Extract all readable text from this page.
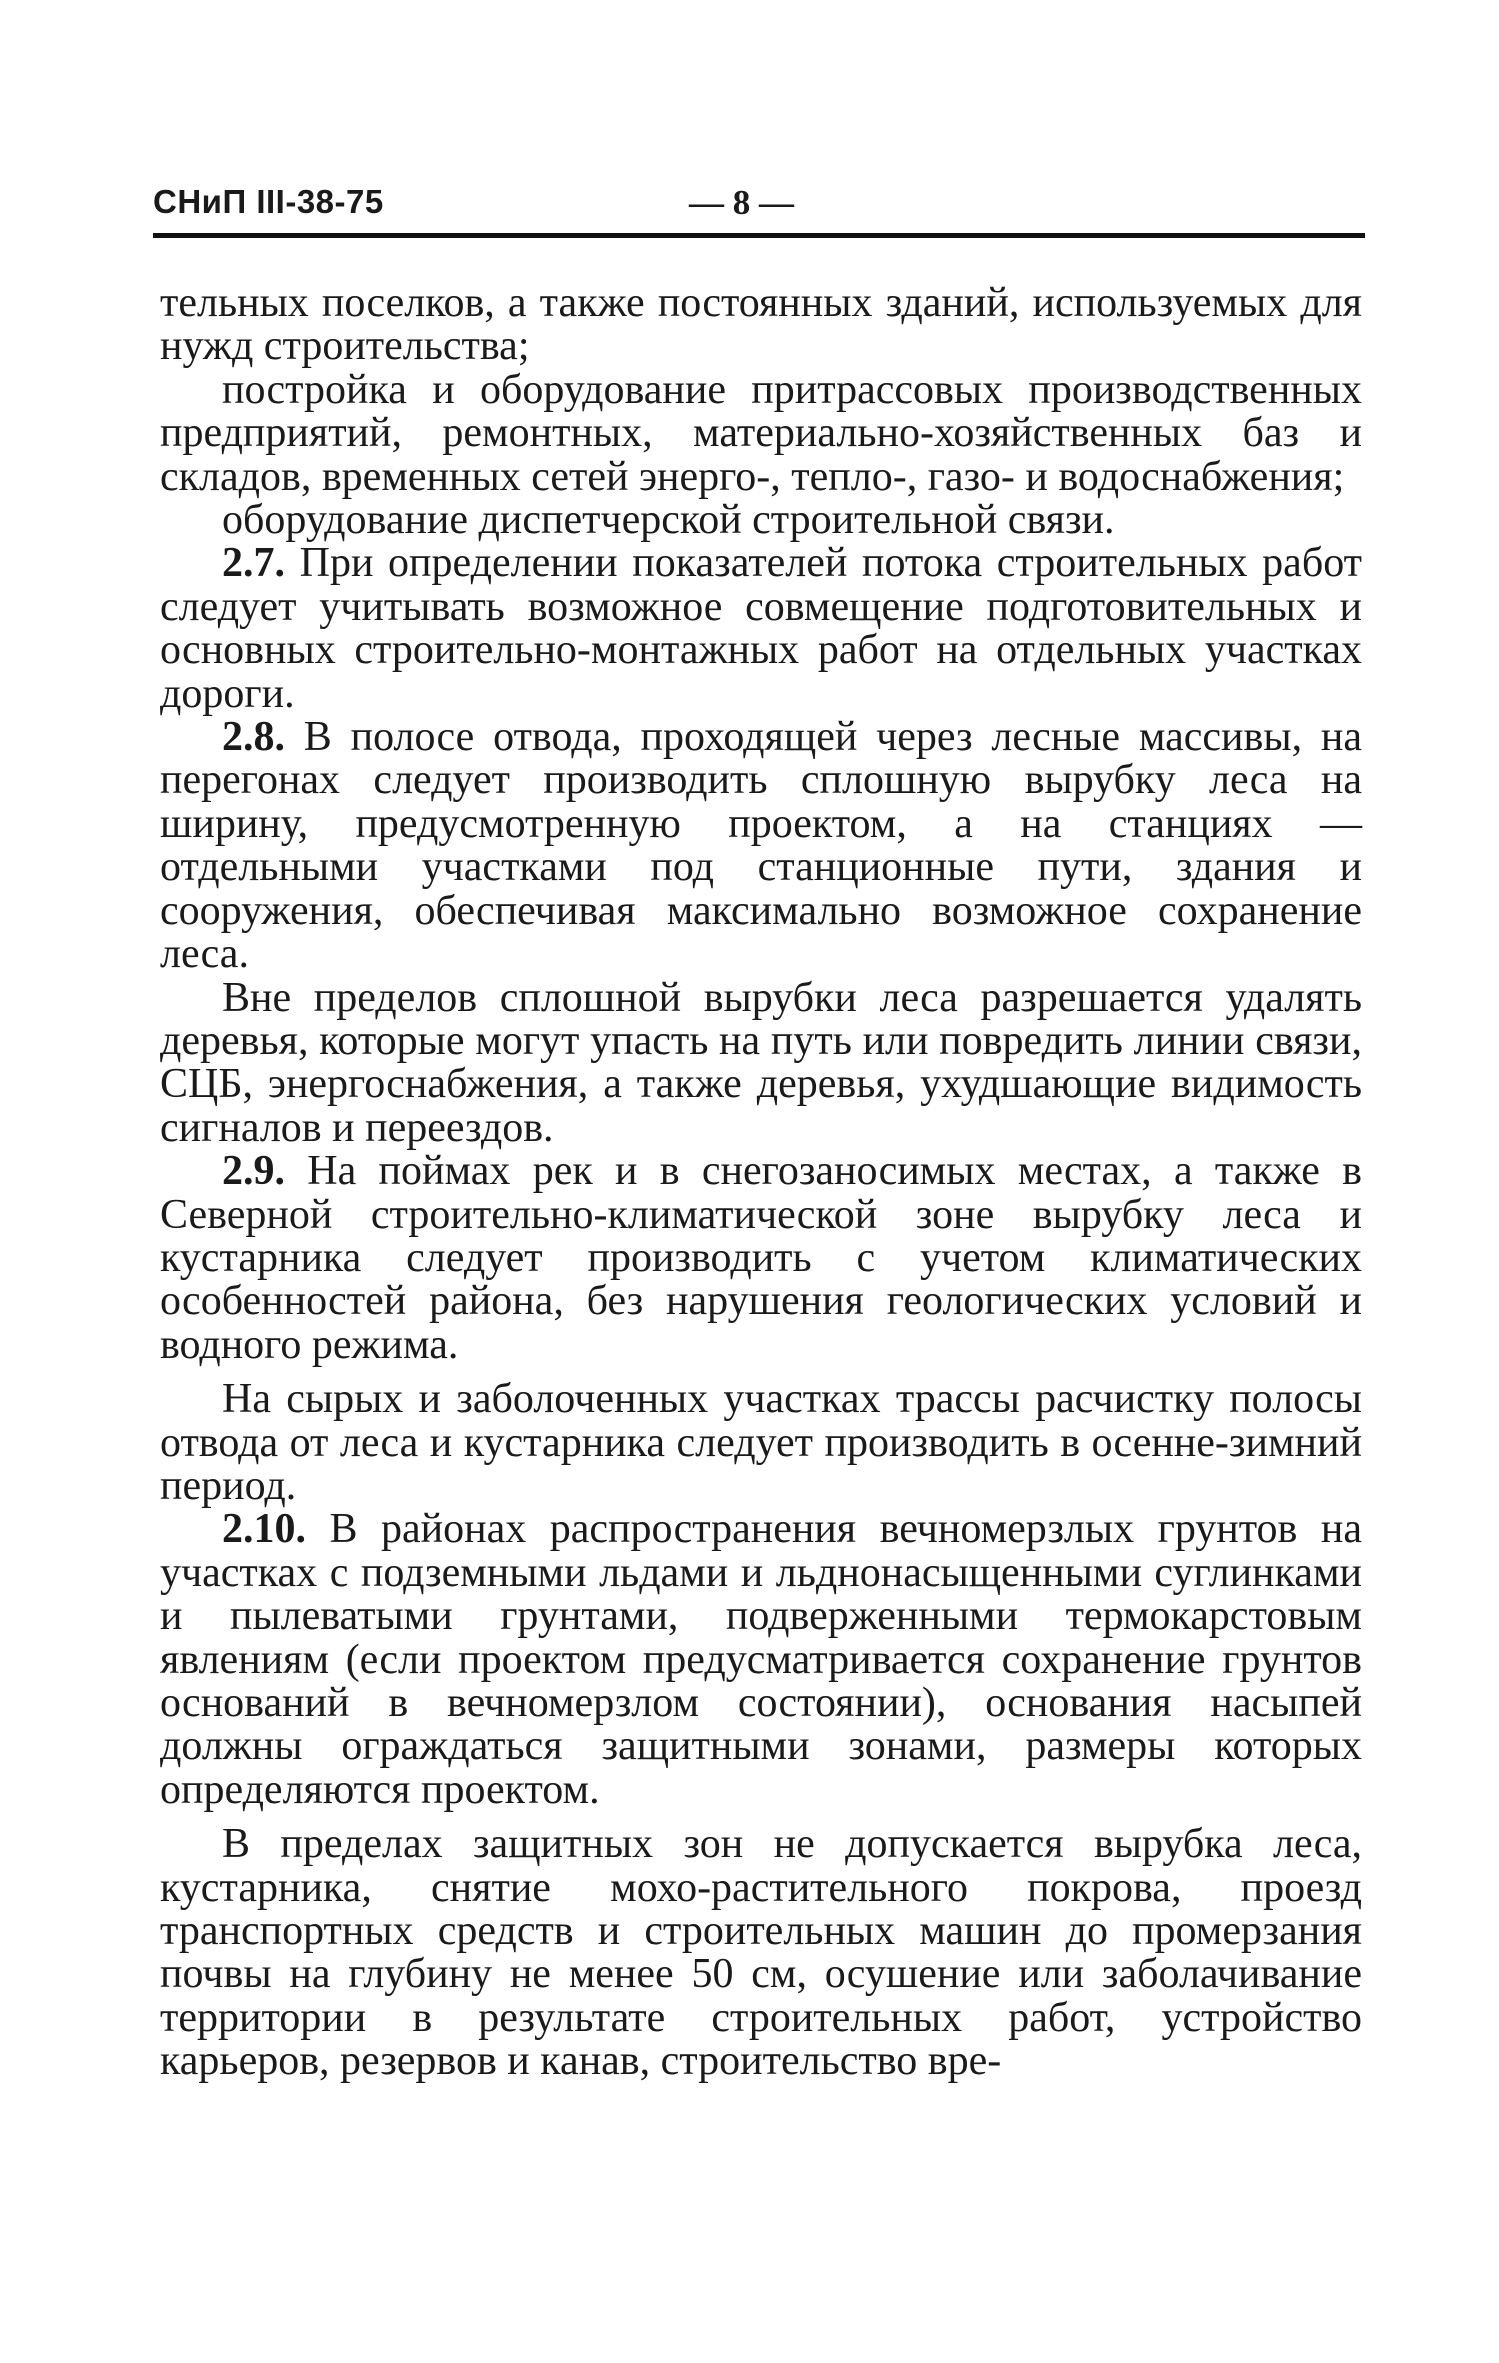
СНиП III-38-75	— 8 —

тельных поселков, а также постоянных зданий, используемых для нужд строительства;

постройка и оборудование притрассовых производственных предприятий, ремонтных, материально-хозяйственных баз и складов, временных сетей энерго-, тепло-, газо- и водоснабжения;

оборудование диспетчерской строительной связи.

2.7. При определении показателей потока строительных работ следует учитывать возможное совмещение подготовительных и основных строительно-монтажных работ на отдельных участках дороги.

2.8. В полосе отвода, проходящей через лесные массивы, на перегонах следует производить сплошную вырубку леса на ширину, предусмотренную проектом, а на станциях — отдельными участками под станционные пути, здания и сооружения, обеспечивая максимально возможное сохранение леса.

Вне пределов сплошной вырубки леса разрешается удалять деревья, которые могут упасть на путь или повредить линии связи, СЦБ, энергоснабжения, а также деревья, ухудшающие видимость сигналов и переездов.

2.9. На поймах рек и в снегозаносимых местах, а также в Северной строительно-климатической зоне вырубку леса и кустарника следует производить с учетом климатических особенностей района, без нарушения геологических условий и водного режима.

На сырых и заболоченных участках трассы расчистку полосы отвода от леса и кустарника следует производить в осенне-зимний период.

2.10. В районах распространения вечномерзлых грунтов на участках с подземными льдами и льднонасыщенными суглинками и пылеватыми грунтами, подверженными термокарстовым явлениям (если проектом предусматривается сохранение грунтов оснований в вечномерзлом состоянии), основания насыпей должны ограждаться защитными зонами, размеры которых определяются проектом.

В пределах защитных зон не допускается вырубка леса, кустарника, снятие мохо-растительного покрова, проезд транспортных средств и строительных машин до промерзания почвы на глубину не менее 50 см, осушение или заболачивание территории в результате строительных работ, устройство карьеров, резервов и канав, строительство вре-
